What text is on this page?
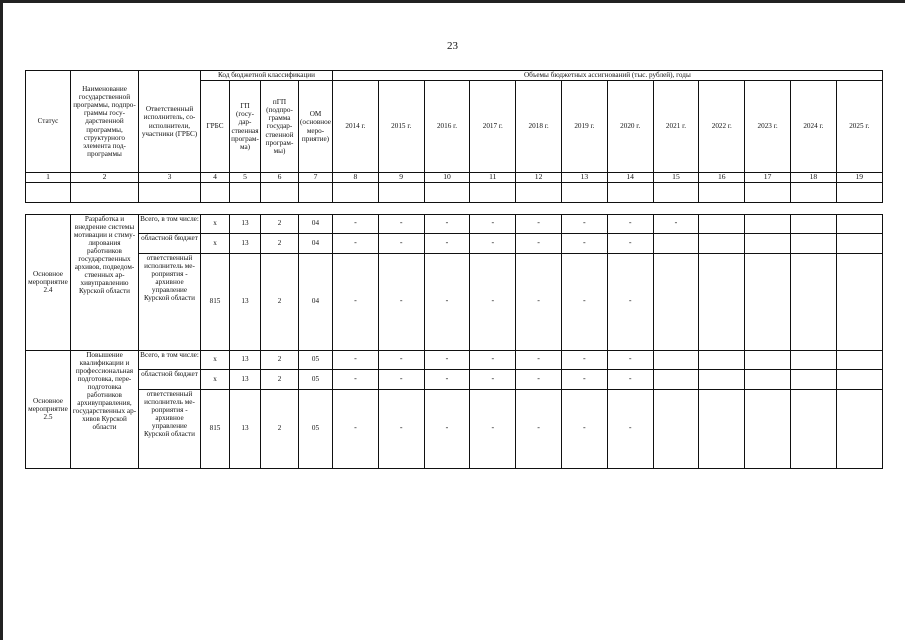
23
Статус	Наименование государственной программы, подпрограммы государственной программы, структурного элемента подпрограммы	Ответственный исполнитель, соисполнители, участники (ГРБС)	Код бюджетной классификации				Объемы бюджетных ассигнований (тыс. рублей), годы											
			ГРБС	ГП (государственная программа)	пГП (подпрограмма государственной программы)	ОМ (основное мероприятие)	2014 г.	2015 г.	2016 г.	2017 г.	2018 г.	2019 г.	2020 г.	2021 г.	2022 г.	2023 г.	2024 г.	2025 г.
1	2	3	4	5	6	7	8	9	10	11	12	13	14	15	16	17	18	19

Основное мероприятие 2.4	Разработка и внедрение системы мотивации и стимулирования работников государственных архивов, подведомственных архивуправлению Курской области	Всего, в том числе:	х	13	2	04	-	-	-	-	-	-	-	-				
		областной бюджет	х	13	2	04	-	-	-	-	-	-	-					
		ответственный исполнитель мероприятия - архивное управление Курской области	815	13	2	04	-	-	-	-	-	-	-					
Основное мероприятие 2.5	Повышение квалификации и профессиональная подготовка, переподготовка работников архивуправления, государственных архивов Курской области	Всего, в том числе:	х	13	2	05	-	-	-	-	-	-	-					
		областной бюджет	х	13	2	05	-	-	-	-	-	-	-					
		ответственный исполнитель мероприятия - архивное управление Курской области	815	13	2	05	-	-	-	-	-	-	-					
